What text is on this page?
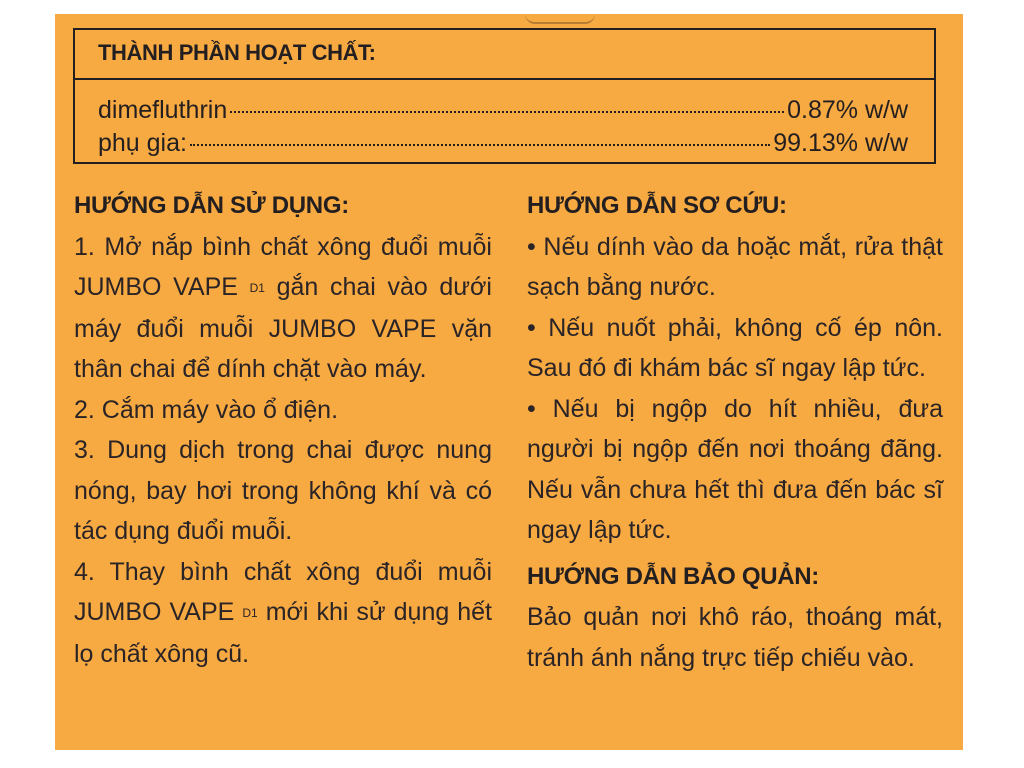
THÀNH PHẦN HOẠT CHẤT:
dimefluthrin	0.87% w/w
phụ gia:	99.13% w/w
HƯỚNG DẪN SỬ DỤNG:

1. Mở nắp bình chất xông đuổi muỗi JUMBO VAPE $^{D1}$ gắn chai vào dưới máy đuổi muỗi JUMBO VAPE vặn thân chai để dính chặt vào máy.

2. Cắm máy vào ổ điện.

3. Dung dịch trong chai được nung nóng, bay hơi trong không khí và có tác dụng đuổi muỗi.

4. Thay bình chất xông đuổi muỗi JUMBO VAPE $^{D1}$ mới khi sử dụng hết lọ chất xông cũ.

HƯỚNG DẪN SƠ CỨU:

• Nếu dính vào da hoặc mắt, rửa thật sạch bằng nước.

• Nếu nuốt phải, không cố ép nôn. Sau đó đi khám bác sĩ ngay lập tức.

• Nếu bị ngộp do hít nhiều, đưa người bị ngộp đến nơi thoáng đãng. Nếu vẫn chưa hết thì đưa đến bác sĩ ngay lập tức.

HƯỚNG DẪN BẢO QUẢN:

Bảo quản nơi khô ráo, thoáng mát, tránh ánh nắng trực tiếp chiếu vào.
